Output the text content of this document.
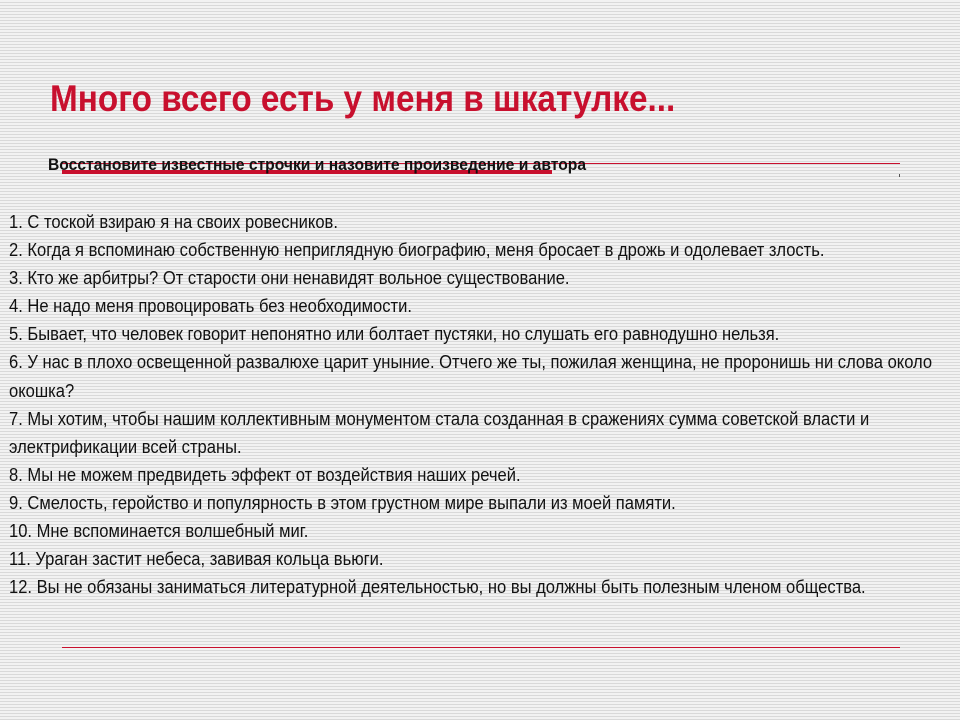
Много всего есть у меня в шкатулке...
Восстановите известные строчки и назовите произведение и автора
1. С тоской взираю я на своих ровесников.
2. Когда я вспоминаю собственную неприглядную биографию, меня бросает в дрожь и одолевает злость.
3. Кто же арбитры? От старости они ненавидят вольное существование.
4. Не надо меня провоцировать без необходимости.
5. Бывает, что человек говорит непонятно или болтает пустяки, но слушать его равнодушно нельзя.
6. У нас в плохо освещенной развалюхе царит уныние. Отчего же ты, пожилая женщина, не проронишь ни слова около окошка?
7. Мы хотим, чтобы нашим коллективным монументом стала созданная в сражениях сумма советской власти и электрификации всей страны.
8. Мы не можем предвидеть эффект от воздействия наших речей.
9. Смелость, геройство и популярность в этом грустном мире выпали из моей памяти.
10. Мне вспоминается волшебный миг.
11. Ураган застит небеса, завивая кольца вьюги.
12. Вы не обязаны заниматься литературной деятельностью, но вы должны быть полезным членом общества.
